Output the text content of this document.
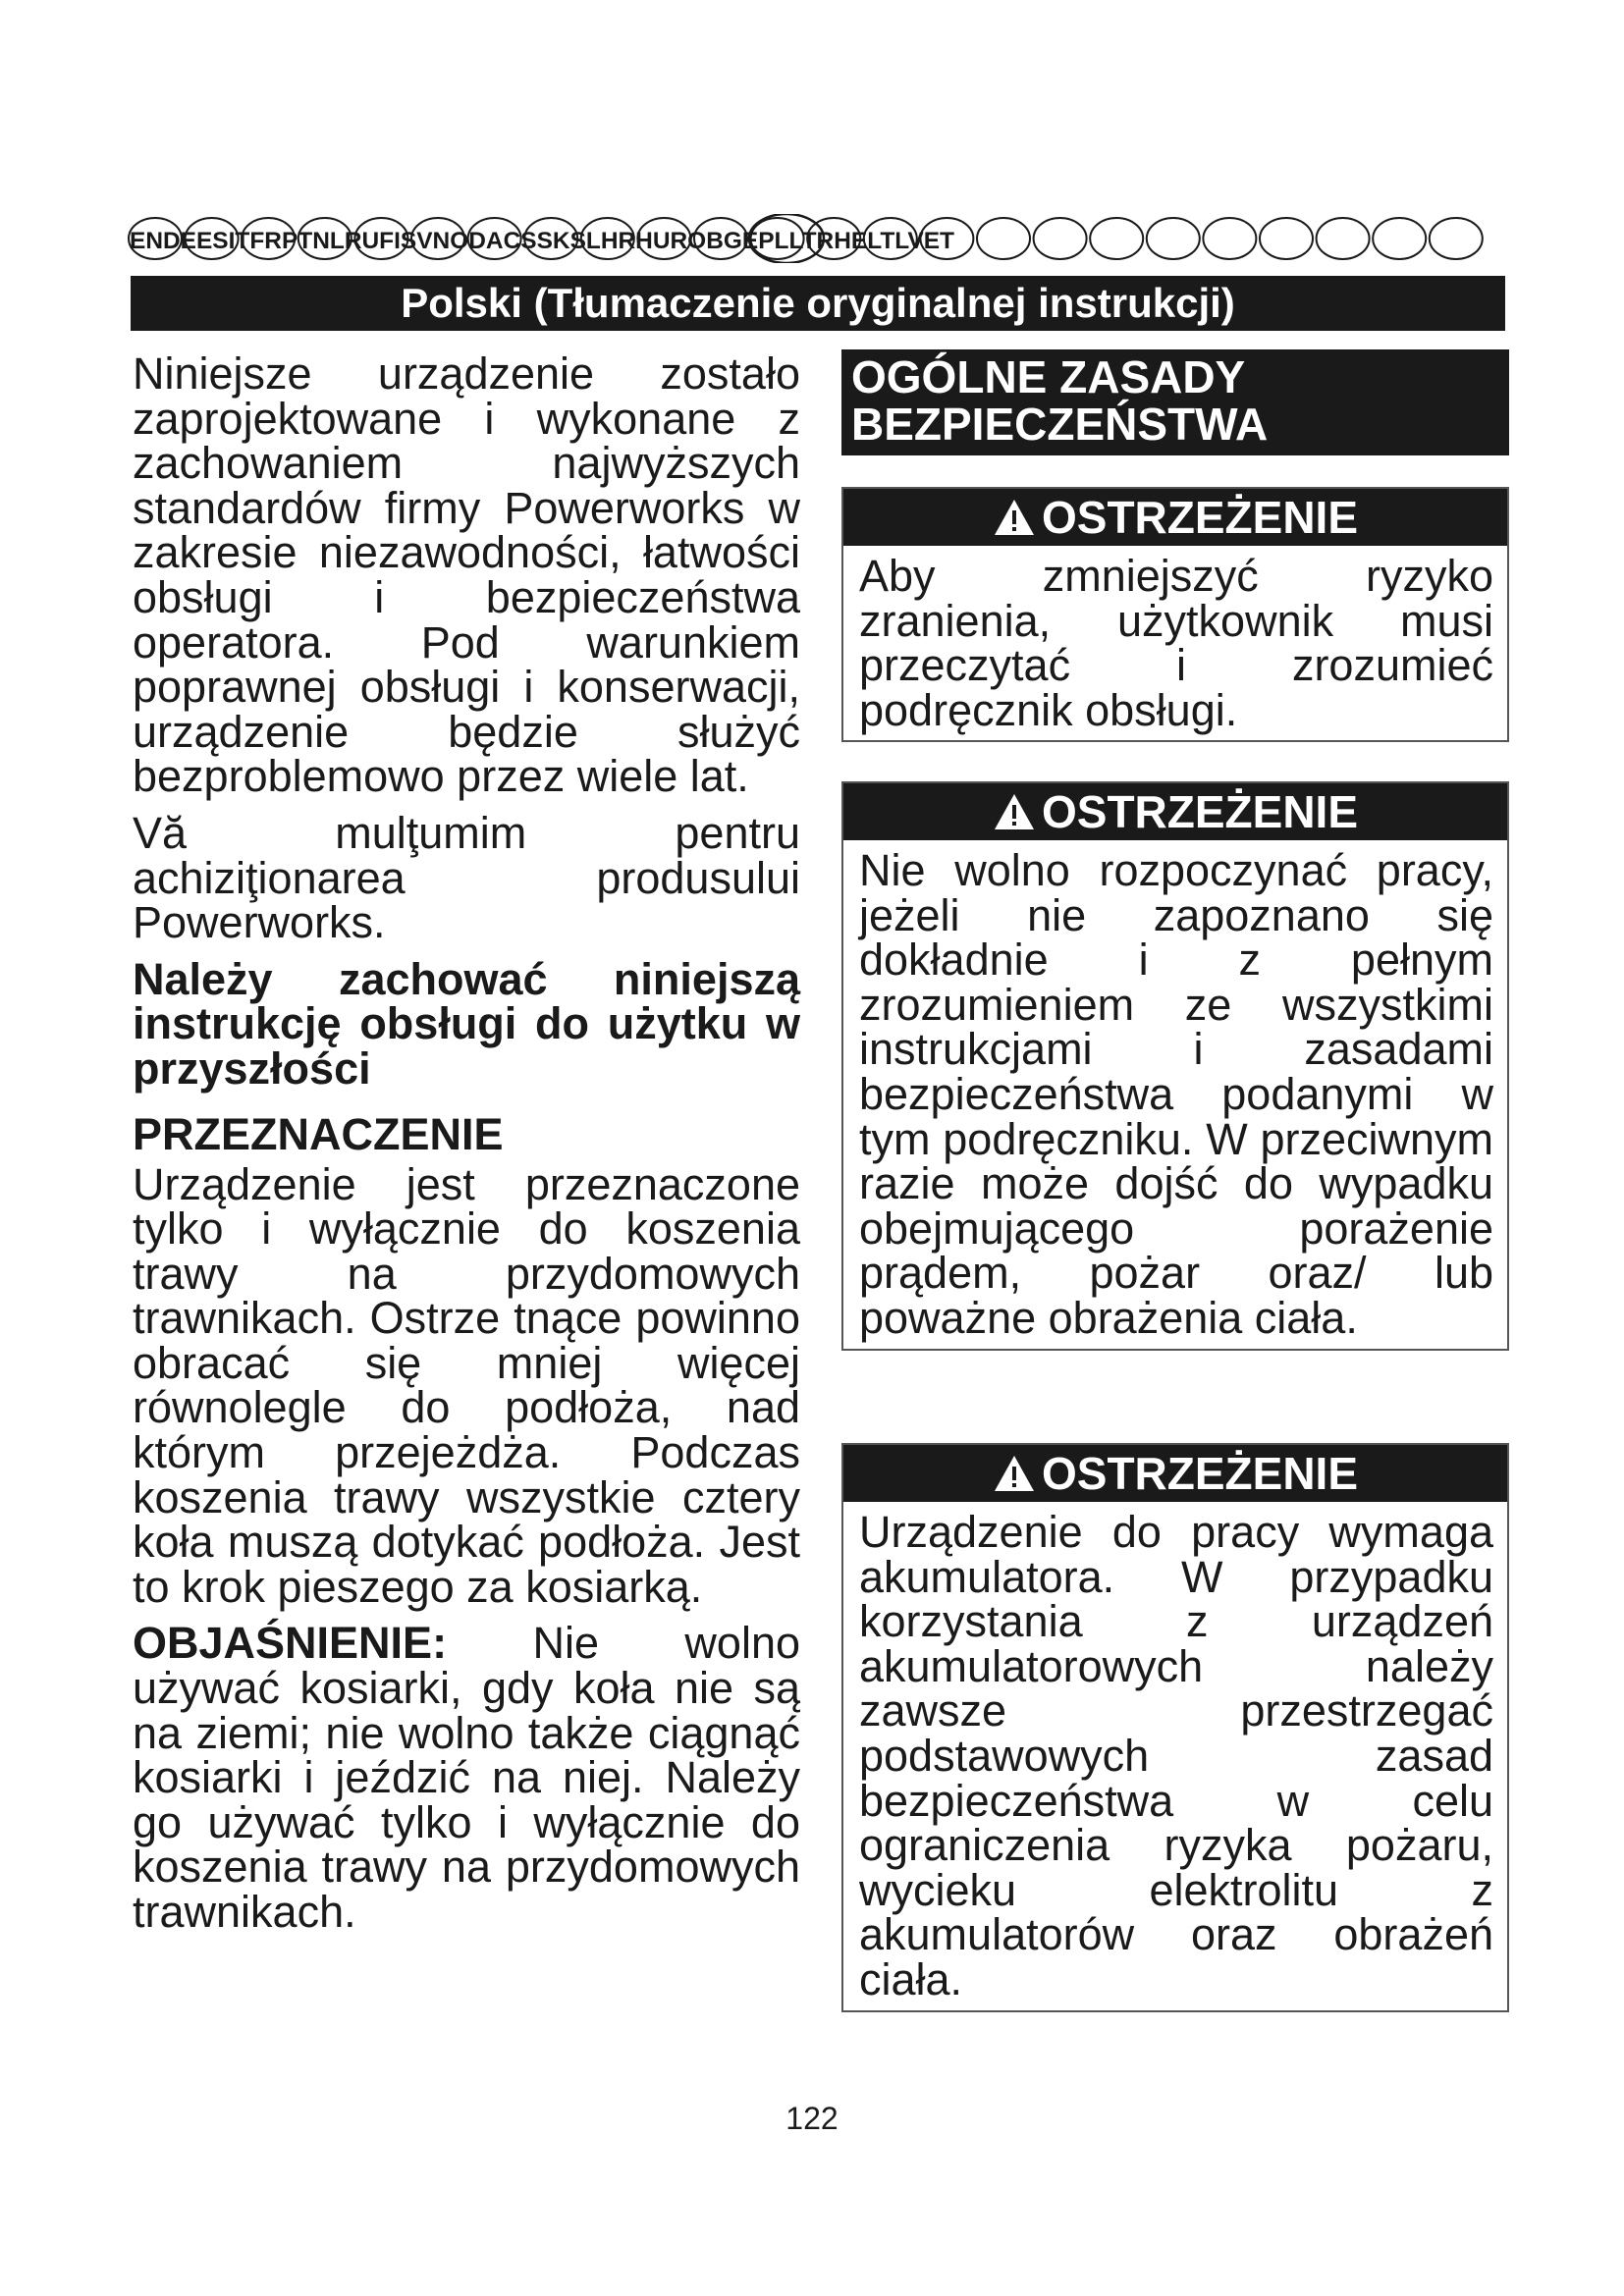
ENDEESITFRPTNLRUFISVNODACSSKSLHRHUROBGEPLLTRHELTLVET
Polski (Tłumaczenie oryginalnej instrukcji)

Niniejsze urządzenie zostało zaprojektowane i wykonane z zachowaniem najwyższych standardów firmy Powerworks w zakresie niezawodności, łatwości obsługi i bezpieczeństwa operatora. Pod warunkiem poprawnej obsługi i konserwacji, urządzenie będzie służyć bezproblemowo przez wiele lat.

Vă mulţumim pentru achiziţionarea produsului Powerworks.

Należy zachować niniejszą instrukcję obsługi do użytku w przyszłości

PRZEZNACZENIE

Urządzenie jest przeznaczone tylko i wyłącznie do koszenia trawy na przydomowych trawnikach. Ostrze tnące powinno obracać się mniej więcej równolegle do podłoża, nad którym przejeżdża. Podczas koszenia trawy wszystkie cztery koła muszą dotykać podłoża. Jest to krok pieszego za kosiarką.

OBJAŚNIENIE: Nie wolno używać kosiarki, gdy koła nie są na ziemi; nie wolno także ciągnąć kosiarki i jeździć na niej. Należy go używać tylko i wyłącznie do koszenia trawy na przydomowych trawnikach.

OGÓLNE ZASADY BEZPIECZEŃSTWA
OSTRZEŻENIE
Aby zmniejszyć ryzyko zranienia, użytkownik musi przeczytać i zrozumieć podręcznik obsługi.
OSTRZEŻENIE
Nie wolno rozpoczynać pracy, jeżeli nie zapoznano się dokładnie i z pełnym zrozumieniem ze wszystkimi instrukcjami i zasadami bezpieczeństwa podanymi w tym podręczniku. W przeciwnym razie może dojść do wypadku obejmującego porażenie prądem, pożar oraz/ lub poważne obrażenia ciała.
OSTRZEŻENIE
Urządzenie do pracy wymaga akumulatora. W przypadku korzystania z urządzeń akumulatorowych należy zawsze przestrzegać podstawowych zasad bezpieczeństwa w celu ograniczenia ryzyka pożaru, wycieku elektrolitu z akumulatorów oraz obrażeń ciała.
122
